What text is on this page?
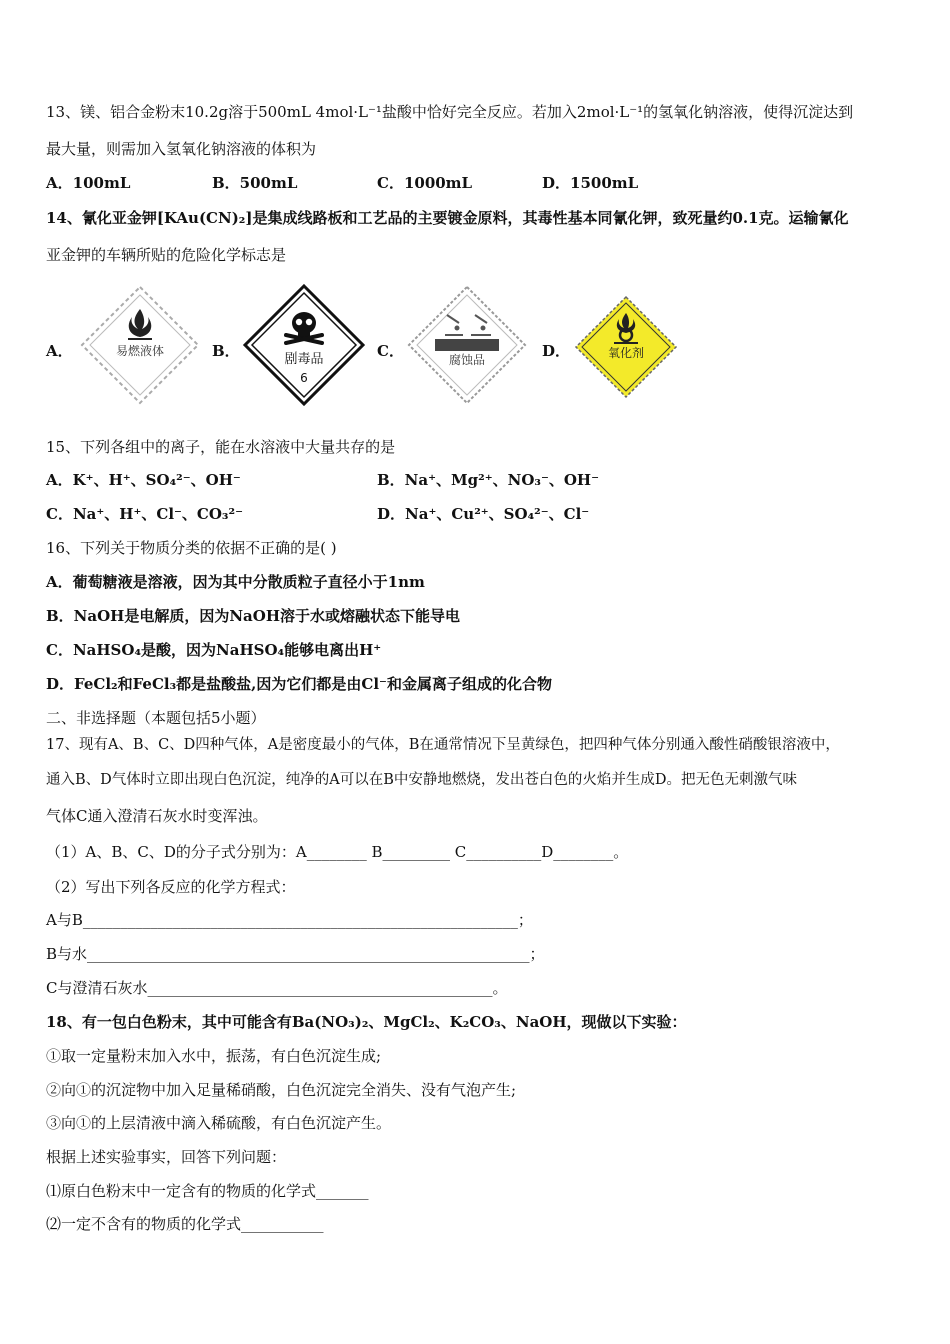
13、镁、铝合金粉末10.2g溶于500mL 4mol·L⁻¹盐酸中恰好完全反应。若加入2mol·L⁻¹的氢氧化钠溶液，使得沉淀达到
最大量，则需加入氢氧化钠溶液的体积为
A．100mL	B．500mL	C．1000mL	D．1500mL
14、氰化亚金钾[KAu(CN)₂]是集成线路板和工艺品的主要镀金原料，其毒性基本同氰化钾，致死量约0.1克。运输氰化
亚金钾的车辆所贴的危险化学标志是
A．	易燃液体	B．	剧毒品
6
C．	腐蚀品	D．	氧化剂
15、下列各组中的离子，能在水溶液中大量共存的是
A．K⁺、H⁺、SO₄²⁻、OH⁻	B．Na⁺、Mg²⁺、NO₃⁻、OH⁻
C．Na⁺、H⁺、Cl⁻、CO₃²⁻	D．Na⁺、Cu²⁺、SO₄²⁻、Cl⁻
16、下列关于物质分类的依据不正确的是( )
A．葡萄糖液是溶液，因为其中分散质粒子直径小于1nm
B．NaOH是电解质，因为NaOH溶于水或熔融状态下能导电
C．NaHSO₄是酸，因为NaHSO₄能够电离出H⁺
D．FeCl₂和FeCl₃都是盐酸盐,因为它们都是由Cl⁻和金属离子组成的化合物
二、非选择题（本题包括5小题）
17、现有A、B、C、D四种气体，A是密度最小的气体，B在通常情况下呈黄绿色，把四种气体分别通入酸性硝酸银溶液中，
通入B、D气体时立即出现白色沉淀，纯净的A可以在B中安静地燃烧，发出苍白色的火焰并生成D。把无色无刺激气味
气体C通入澄清石灰水时变浑浊。
（1）A、B、C、D的分子式分别为：A________ B_________ C__________D________。
（2）写出下列各反应的化学方程式：
A与B__________________________________________________________；
B与水___________________________________________________________；
C与澄清石灰水______________________________________________。
18、有一包白色粉末，其中可能含有Ba(NO₃)₂、MgCl₂、K₂CO₃、NaOH，现做以下实验：
①取一定量粉末加入水中，振荡，有白色沉淀生成;
②向①的沉淀物中加入足量稀硝酸，白色沉淀完全消失、没有气泡产生;
③向①的上层清液中滴入稀硫酸，有白色沉淀产生。
根据上述实验事实，回答下列问题：
⑴原白色粉末中一定含有的物质的化学式_______
⑵一定不含有的物质的化学式___________
